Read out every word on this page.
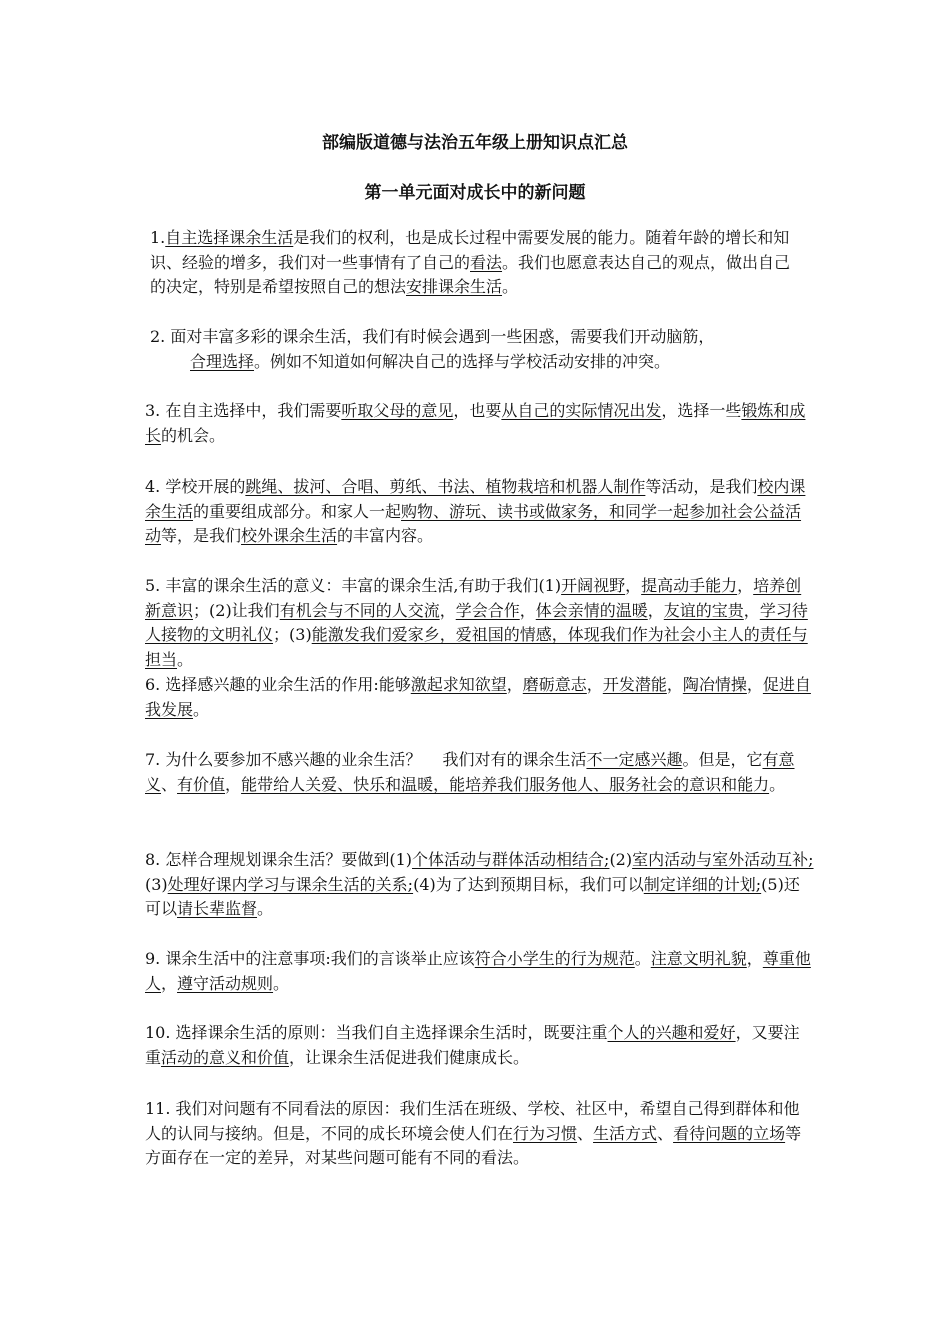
部编版道德与法治五年级上册知识点汇总
第一单元面对成长中的新问题

1.自主选择课余生活是我们的权利，也是成长过程中需要发展的能力。随着年龄的增长和知识、经验的增多，我们对一些事情有了自己的看法。我们也愿意表达自己的观点，做出自己的决定，特别是希望按照自己的想法安排课余生活。

2. 面对丰富多彩的课余生活，我们有时候会遇到一些困惑，需要我们开动脑筋，
合理选择。例如不知道如何解决自己的选择与学校活动安排的冲突。

3. 在自主选择中，我们需要听取父母的意见，也要从自己的实际情况出发，选择一些锻炼和成长的机会。

4. 学校开展的跳绳、拔河、合唱、剪纸、书法、植物栽培和机器人制作等活动，是我们校内课余生活的重要组成部分。和家人一起购物、游玩、读书或做家务，和同学一起参加社会公益活动等，是我们校外课余生活的丰富内容。

5. 丰富的课余生活的意义：丰富的课余生活,有助于我们(1)开阔视野，提高动手能力，培养创新意识；(2)让我们有机会与不同的人交流，学会合作，体会亲情的温暖，友谊的宝贵，学习待人接物的文明礼仪；(3)能激发我们爱家乡，爱祖国的情感，体现我们作为社会小主人的责任与担当。

6. 选择感兴趣的业余生活的作用:能够激起求知欲望，磨砺意志，开发潜能，陶冶情操，促进自我发展。

7. 为什么要参加不感兴趣的业余生活？　 我们对有的课余生活不一定感兴趣。但是，它有意义、有价值，能带给人关爱、快乐和温暖，能培养我们服务他人、服务社会的意识和能力。

8. 怎样合理规划课余生活？要做到(1)个体活动与群体活动相结合;(2)室内活动与室外活动互补;(3)处理好课内学习与课余生活的关系;(4)为了达到预期目标，我们可以制定详细的计划;(5)还可以请长辈监督。

9. 课余生活中的注意事项:我们的言谈举止应该符合小学生的行为规范。注意文明礼貌，尊重他人，遵守活动规则。

10. 选择课余生活的原则：当我们自主选择课余生活时，既要注重个人的兴趣和爱好，又要注重活动的意义和价值，让课余生活促进我们健康成长。

11. 我们对问题有不同看法的原因：我们生活在班级、学校、社区中，希望自己得到群体和他人的认同与接纳。但是，不同的成长环境会使人们在行为习惯、生活方式、看待问题的立场等方面存在一定的差异，对某些问题可能有不同的看法。
